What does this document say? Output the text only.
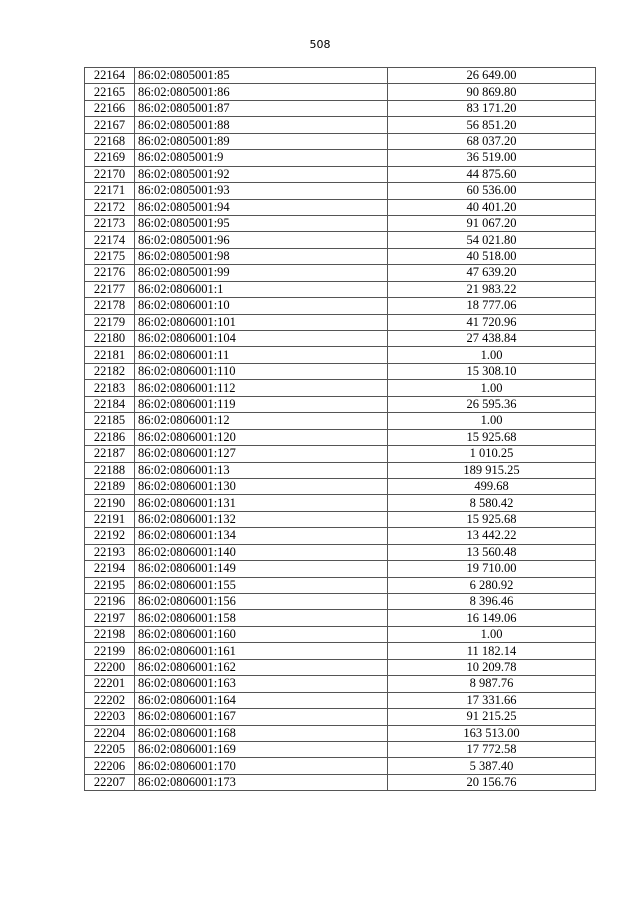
508
22164	86:02:0805001:85	26 649.00
22165	86:02:0805001:86	90 869.80
22166	86:02:0805001:87	83 171.20
22167	86:02:0805001:88	56 851.20
22168	86:02:0805001:89	68 037.20
22169	86:02:0805001:9	36 519.00
22170	86:02:0805001:92	44 875.60
22171	86:02:0805001:93	60 536.00
22172	86:02:0805001:94	40 401.20
22173	86:02:0805001:95	91 067.20
22174	86:02:0805001:96	54 021.80
22175	86:02:0805001:98	40 518.00
22176	86:02:0805001:99	47 639.20
22177	86:02:0806001:1	21 983.22
22178	86:02:0806001:10	18 777.06
22179	86:02:0806001:101	41 720.96
22180	86:02:0806001:104	27 438.84
22181	86:02:0806001:11	1.00
22182	86:02:0806001:110	15 308.10
22183	86:02:0806001:112	1.00
22184	86:02:0806001:119	26 595.36
22185	86:02:0806001:12	1.00
22186	86:02:0806001:120	15 925.68
22187	86:02:0806001:127	1 010.25
22188	86:02:0806001:13	189 915.25
22189	86:02:0806001:130	499.68
22190	86:02:0806001:131	8 580.42
22191	86:02:0806001:132	15 925.68
22192	86:02:0806001:134	13 442.22
22193	86:02:0806001:140	13 560.48
22194	86:02:0806001:149	19 710.00
22195	86:02:0806001:155	6 280.92
22196	86:02:0806001:156	8 396.46
22197	86:02:0806001:158	16 149.06
22198	86:02:0806001:160	1.00
22199	86:02:0806001:161	11 182.14
22200	86:02:0806001:162	10 209.78
22201	86:02:0806001:163	8 987.76
22202	86:02:0806001:164	17 331.66
22203	86:02:0806001:167	91 215.25
22204	86:02:0806001:168	163 513.00
22205	86:02:0806001:169	17 772.58
22206	86:02:0806001:170	5 387.40
22207	86:02:0806001:173	20 156.76
